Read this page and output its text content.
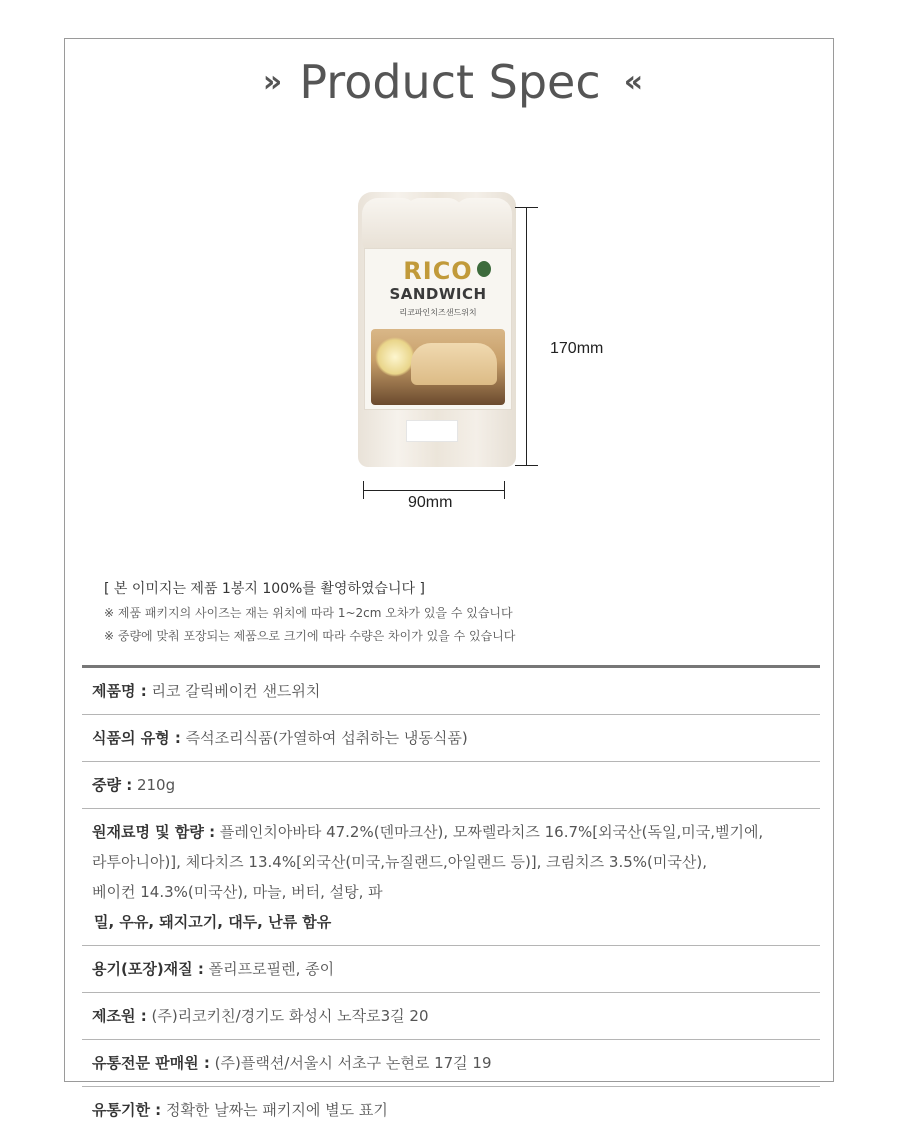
» Product Spec «
RICO
SANDWICH
리코파인치즈샌드위치
170mm
90mm
[ 본 이미지는 제품 1봉지 100%를 촬영하였습니다 ]
※ 제품 패키지의 사이즈는 재는 위치에 따라 1~2cm 오차가 있을 수 있습니다
※ 중량에 맞춰 포장되는 제품으로 크기에 따라 수량은 차이가 있을 수 있습니다
제품명 : 리코 갈릭베이컨 샌드위치
식품의 유형 : 즉석조리식품(가열하여 섭취하는 냉동식품)
중량 : 210g
원재료명 및 함량 : 플레인치아바타 47.2%(덴마크산), 모짜렐라치즈 16.7%[외국산(독일,미국,벨기에,
라투아니아)], 체다치즈 13.4%[외국산(미국,뉴질랜드,아일랜드 등)], 크림치즈 3.5%(미국산),
베이컨 14.3%(미국산), 마늘, 버터, 설탕, 파
밀, 우유, 돼지고기, 대두, 난류 함유
용기(포장)재질 : 폴리프로필렌, 종이
제조원 : (주)리코키친/경기도 화성시 노작로3길 20
유통전문 판매원 : (주)플랙션/서울시 서초구 논현로 17길 19
유통기한 : 정확한 날짜는 패키지에 별도 표기
